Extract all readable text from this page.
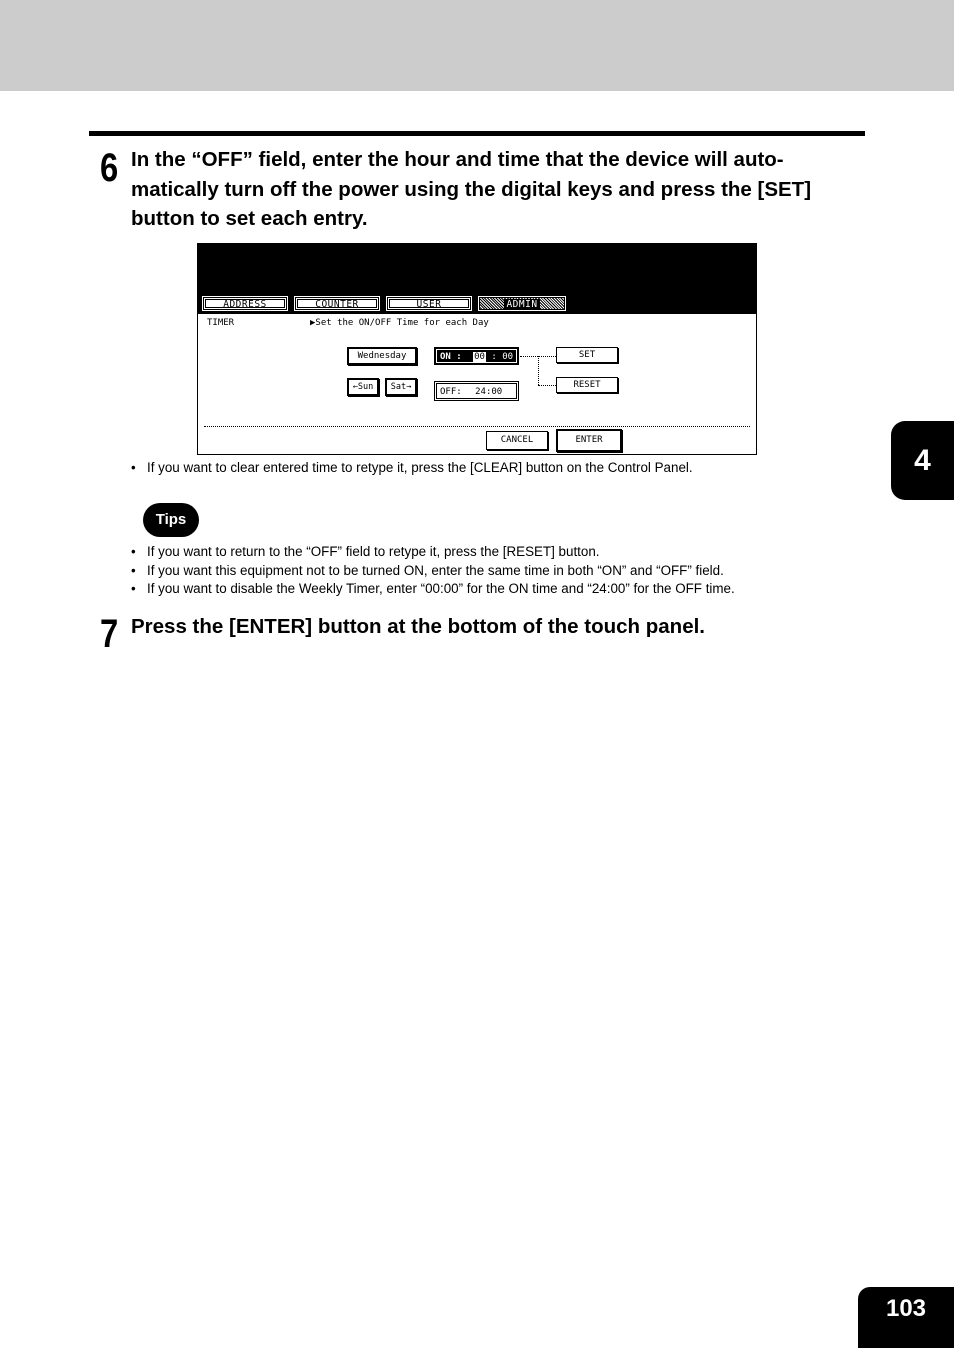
6 In the “OFF” field, enter the hour and time that the device will auto-
matically turn off the power using the digital keys and press the [SET]
button to set each entry.
ADDRESS	COUNTER	USER	ADMIN
TIMER	▶Set the ON/OFF Time for each Day
Wednesday
←Sun	Sat→
ON : 00 : 00
OFF: 24:00
SET
RESET
CANCEL	ENTER
• If you want to clear entered time to retype it, press the [CLEAR] button on the Control Panel.
Tips
• If you want to return to the “OFF” field to retype it, press the [RESET] button.
• If you want this equipment not to be turned ON, enter the same time in both “ON” and “OFF” field.
• If you want to disable the Weekly Timer, enter “00:00” for the ON time and “24:00” for the OFF time.
7 Press the [ENTER] button at the bottom of the touch panel.
4
103
